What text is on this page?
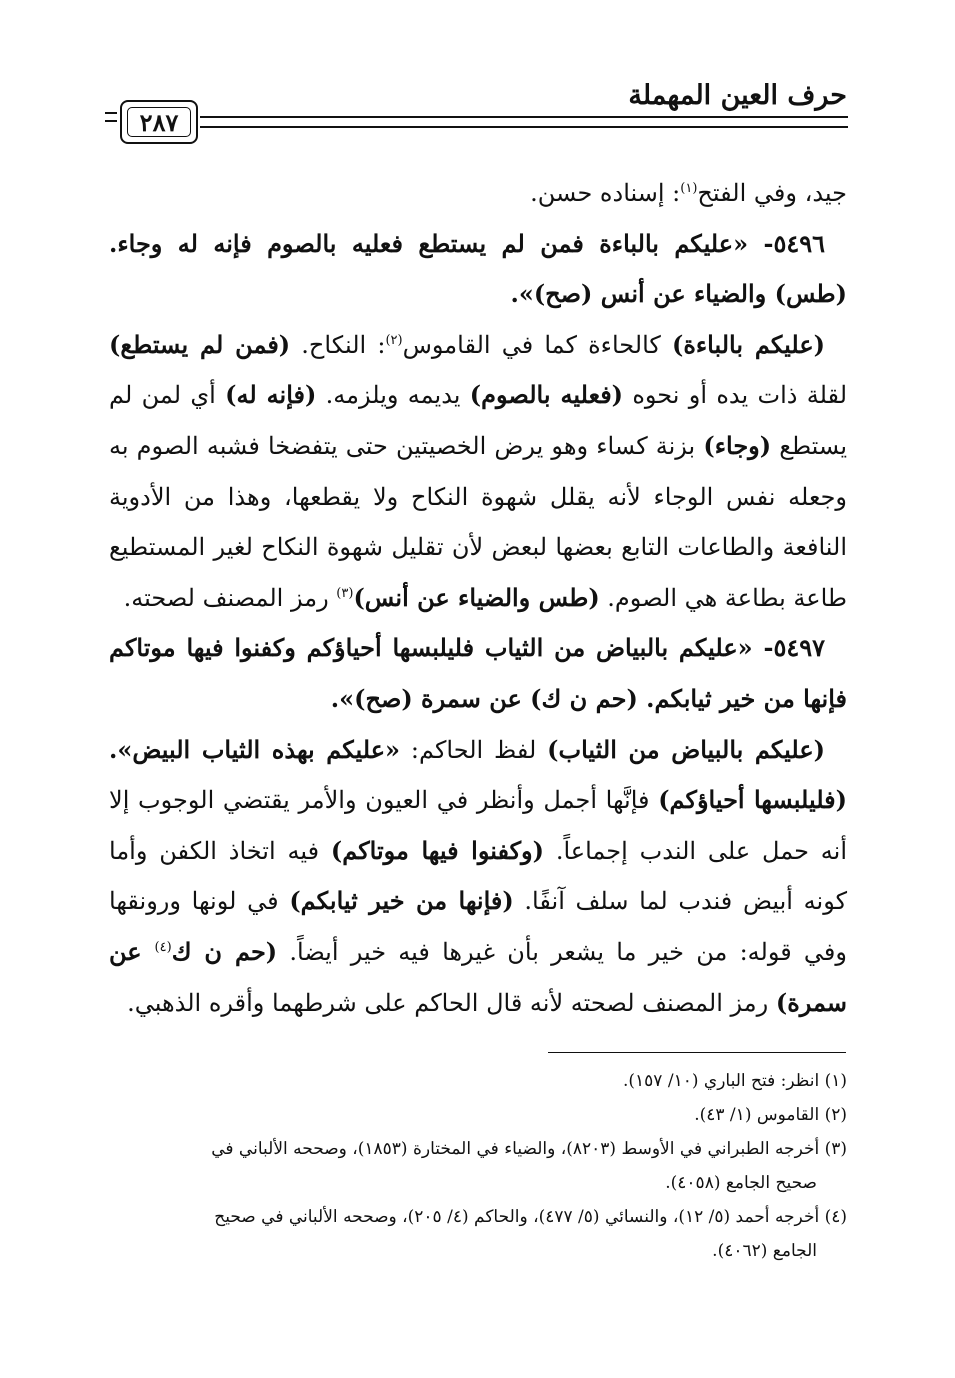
حرف العين المهملة
٢٨٧

جيد، وفي الفتح$^{(١)}$: إسناده حسن.

٥٤٩٦- «عليكم بالباءة فمن لم يستطع فعليه بالصوم فإنه له وجاء. (طس) والضياء عن أنس (صح)».

(عليكم بالباءة) كالحاءة كما في القاموس$^{(٢)}$: النكاح. (فمن لم يستطع) لقلة ذات يده أو نحوه (فعليه بالصوم) يديمه ويلزمه. (فإنه له) أي لمن لم يستطع (وجاء) بزنة كساء وهو يرض الخصيتين حتى يتفضخا فشبه الصوم به وجعله نفس الوجاء لأنه يقلل شهوة النكاح ولا يقطعها، وهذا من الأدوية النافعة والطاعات التابع بعضها لبعض لأن تقليل شهوة النكاح لغير المستطيع طاعة بطاعة هي الصوم. (طس والضياء عن أنس)$^{(٣)}$ رمز المصنف لصحته.

٥٤٩٧- «عليكم بالبياض من الثياب فليلبسها أحياؤكم وكفنوا فيها موتاكم فإنها من خير ثيابكم. (حم ن ك) عن سمرة (صح)».

(عليكم بالبياض من الثياب) لفظ الحاكم: «عليكم بهذه الثياب البيض». (فليلبسها أحياؤكم) فإنَّها أجمل وأنظر في العيون والأمر يقتضي الوجوب إلا أنه حمل على الندب إجماعاً. (وكفنوا فيها موتاكم) فيه اتخاذ الكفن وأما كونه أبيض فندب لما سلف آنفًا. (فإنها من خير ثيابكم) في لونها ورونقها وفي قوله: من خير ما يشعر بأن غيرها فيه خير أيضاً. (حم ن ك$^{(٤)}$ عن سمرة) رمز المصنف لصحته لأنه قال الحاكم على شرطهما وأقره الذهبي.

(١) انظر: فتح الباري (١٠/ ١٥٧).

(٢) القاموس (١/ ٤٣).

(٣) أخرجه الطبراني في الأوسط (٨٢٠٣)، والضياء في المختارة (١٨٥٣)، وصححه الألباني في

صحيح الجامع (٤٠٥٨).

(٤) أخرجه أحمد (٥/ ١٢)، والنسائي (٥/ ٤٧٧)، والحاكم (٤/ ٢٠٥)، وصححه الألباني في صحيح

الجامع (٤٠٦٢).
